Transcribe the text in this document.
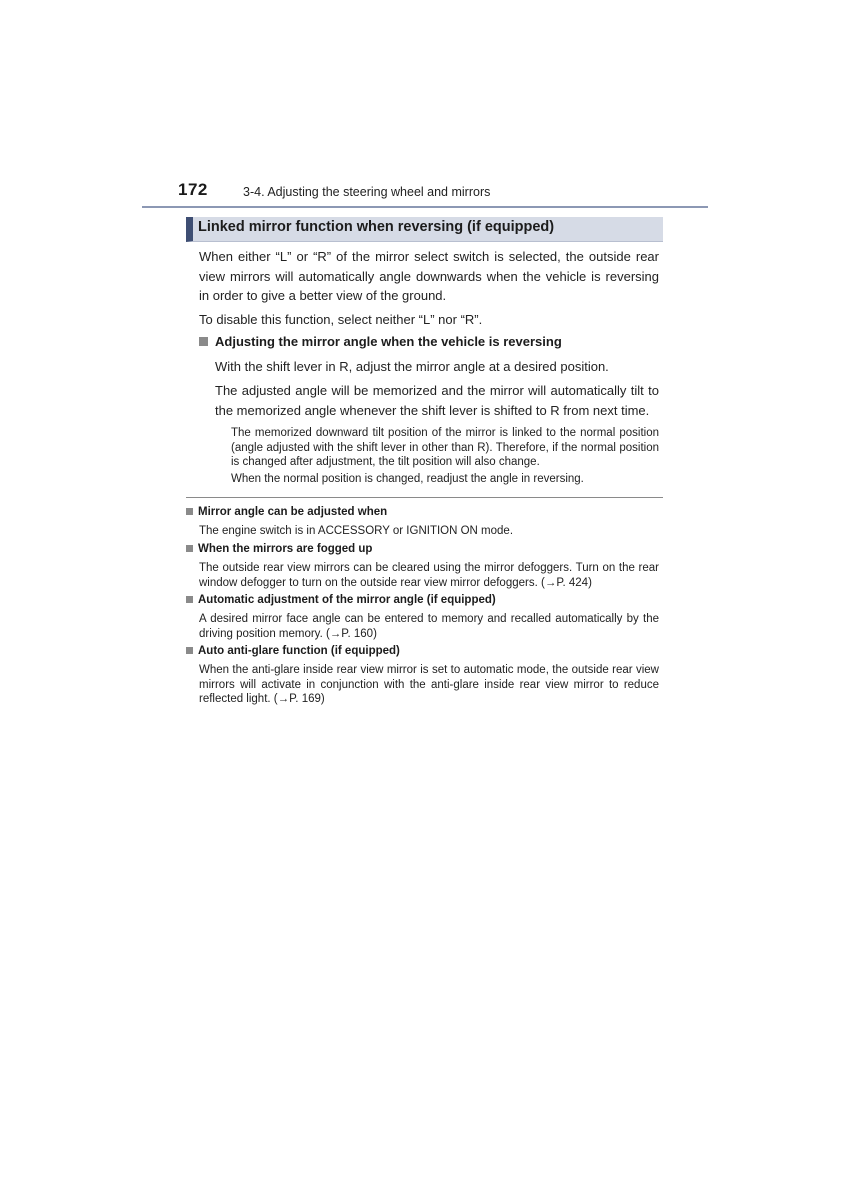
172	3-4. Adjusting the steering wheel and mirrors
Linked mirror function when reversing (if equipped)
When either “L” or “R” of the mirror select switch is selected, the outside rear view mirrors will automatically angle downwards when the vehicle is reversing in order to give a better view of the ground.
To disable this function, select neither “L” nor “R”.
Adjusting the mirror angle when the vehicle is reversing
With the shift lever in R, adjust the mirror angle at a desired position.
The adjusted angle will be memorized and the mirror will automatically tilt to the memorized angle whenever the shift lever is shifted to R from next time.
The memorized downward tilt position of the mirror is linked to the normal position (angle adjusted with the shift lever in other than R). Therefore, if the normal position is changed after adjustment, the tilt position will also change.
When the normal position is changed, readjust the angle in reversing.
Mirror angle can be adjusted when
The engine switch is in ACCESSORY or IGNITION ON mode.
When the mirrors are fogged up
The outside rear view mirrors can be cleared using the mirror defoggers. Turn on the rear window defogger to turn on the outside rear view mirror defoggers. (→P. 424)
Automatic adjustment of the mirror angle (if equipped)
A desired mirror face angle can be entered to memory and recalled automatically by the driving position memory. (→P. 160)
Auto anti-glare function (if equipped)
When the anti-glare inside rear view mirror is set to automatic mode, the outside rear view mirrors will activate in conjunction with the anti-glare inside rear view mirror to reduce reflected light. (→P. 169)
